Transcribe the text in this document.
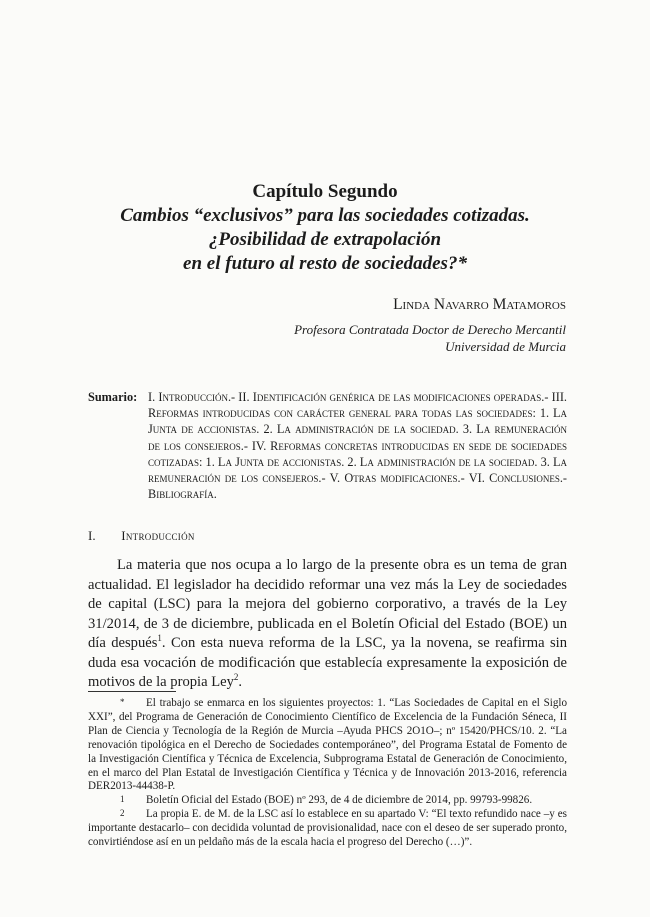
Capítulo Segundo

Cambios “exclusivos” para las sociedades cotizadas.

¿Posibilidad de extrapolación

en el futuro al resto de sociedades?*

Linda Navarro Matamoros
Profesora Contratada Doctor de Derecho Mercantil
Universidad de Murcia
Sumario: I. Introducción.- II. Identificación genérica de las modificaciones operadas.- III. Reformas introducidas con carácter general para todas las sociedades: 1. La Junta de accionistas. 2. La administración de la sociedad. 3. La remuneración de los consejeros.- IV. Reformas concretas introducidas en sede de sociedades cotizadas: 1. La Junta de accionistas. 2. La administración de la sociedad. 3. La remuneración de los consejeros.- V. Otras modificaciones.- VI. Conclusiones.- Bibliografía.
I. Introducción

La materia que nos ocupa a lo largo de la presente obra es un tema de gran actualidad. El legislador ha decidido reformar una vez más la Ley de sociedades de capital (LSC) para la mejora del gobierno corporativo, a través de la Ley 31/2014, de 3 de diciembre, publicada en el Boletín Oficial del Estado (BOE) un día después$^1$. Con esta nueva reforma de la LSC, ya la novena, se reafirma sin duda esa vocación de modificación que establecía expresamente la exposición de motivos de la propia Ley$^2$.

* El trabajo se enmarca en los siguientes proyectos: 1. “Las Sociedades de Capital en el Siglo XXI”, del Programa de Generación de Conocimiento Científico de Excelencia de la Fundación Séneca, II Plan de Ciencia y Tecnología de la Región de Murcia –Ayuda PHCS 2O1O–; nº 15420/PHCS/10. 2. “La renovación tipológica en el Derecho de Sociedades contemporáneo”, del Programa Estatal de Fomento de la Investigación Científica y Técnica de Excelencia, Subprograma Estatal de Generación de Conocimiento, en el marco del Plan Estatal de Investigación Científica y Técnica y de Innovación 2013-2016, referencia DER2013-44438-P.

1 Boletín Oficial del Estado (BOE) nº 293, de 4 de diciembre de 2014, pp. 99793-99826.

2 La propia E. de M. de la LSC así lo establece en su apartado V: “El texto refundido nace –y es importante destacarlo– con decidida voluntad de provisionalidad, nace con el deseo de ser superado pronto, convirtiéndose así en un peldaño más de la escala hacia el progreso del Derecho (…)”.
